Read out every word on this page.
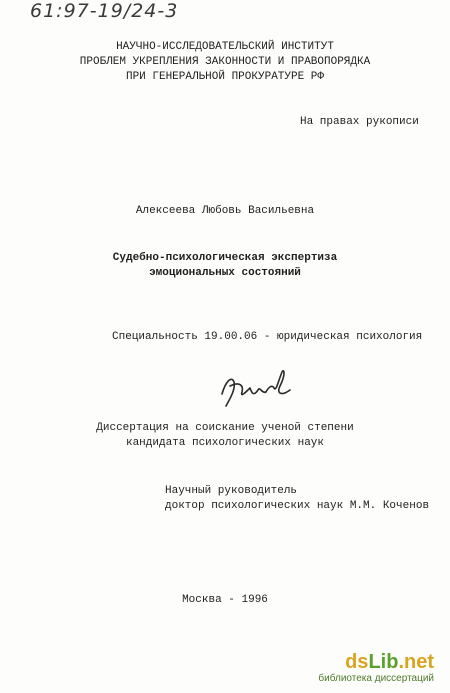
61:97-19/24-3
НАУЧНО-ИССЛЕДОВАТЕЛЬСКИЙ ИНСТИТУТ
ПРОБЛЕМ УКРЕПЛЕНИЯ ЗАКОННОСТИ И ПРАВОПОРЯДКА
ПРИ ГЕНЕРАЛЬНОЙ ПРОКУРАТУРЕ РФ
На правах рукописи
Алексеева Любовь Васильевна
Судебно-психологическая экспертиза
эмоциональных состояний
Специальность 19.00.06 - юридическая психология
Диссертация на соискание ученой степени
кандидата психологических наук
Научный руководитель
доктор психологических наук М.М. Коченов
Москва - 1996
dsLib.net
библиотека диссертаций
